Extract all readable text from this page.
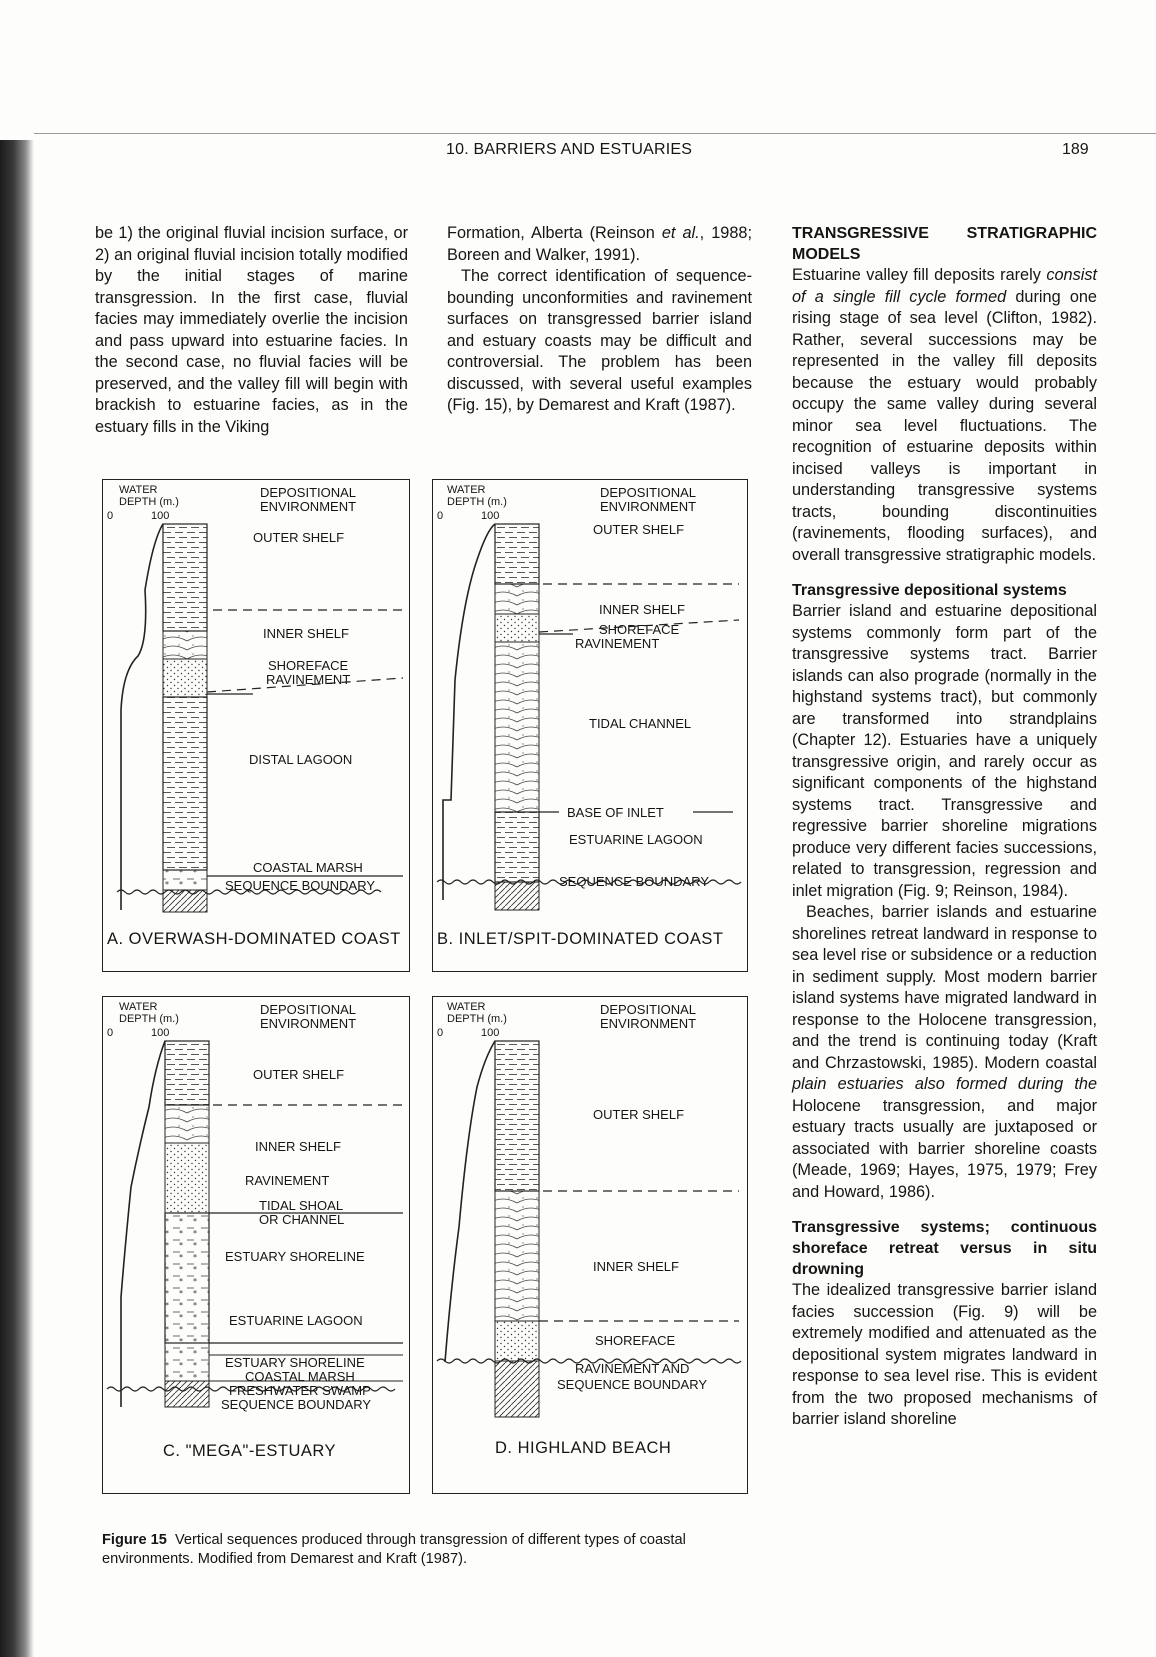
10. BARRIERS AND ESTUARIES	189

be 1) the original fluvial incision surface, or 2) an original fluvial incision totally modified by the initial stages of marine transgression. In the first case, fluvial facies may immediately overlie the incision and pass upward into estuarine facies. In the second case, no fluvial facies will be preserved, and the valley fill will begin with brackish to estuarine facies, as in the estuary fills in the Viking

Formation, Alberta (Reinson et al., 1988; Boreen and Walker, 1991).

The correct identification of sequence-bounding unconformities and ravinement surfaces on transgressed barrier island and estuary coasts may be difficult and controversial. The problem has been discussed, with several useful examples (Fig. 15), by Demarest and Kraft (1987).

TRANSGRESSIVE STRATIGRAPHIC MODELS

Estuarine valley fill deposits rarely consist of a single fill cycle formed during one rising stage of sea level (Clifton, 1982). Rather, several successions may be represented in the valley fill deposits because the estuary would probably occupy the same valley during several minor sea level fluctuations. The recognition of estuarine deposits within incised valleys is important in understanding transgressive systems tracts, bounding discontinuities (ravinements, flooding surfaces), and overall transgressive stratigraphic models.

Transgressive depositional systems

Barrier island and estuarine depositional systems commonly form part of the transgressive systems tract. Barrier islands can also prograde (normally in the highstand systems tract), but commonly are transformed into strandplains (Chapter 12). Estuaries have a uniquely transgressive origin, and rarely occur as significant components of the highstand systems tract. Transgressive and regressive barrier shoreline migrations produce very different facies successions, related to transgression, regression and inlet migration (Fig. 9; Reinson, 1984).

Beaches, barrier islands and estuarine shorelines retreat landward in response to sea level rise or subsidence or a reduction in sediment supply. Most modern barrier island systems have migrated landward in response to the Holocene transgression, and the trend is continuing today (Kraft and Chrzastowski, 1985). Modern coastal plain estuaries also formed during the Holocene transgression, and major estuary tracts usually are juxtaposed or associated with barrier shoreline coasts (Meade, 1969; Hayes, 1975, 1979; Frey and Howard, 1986).

Transgressive systems; continuous shoreface retreat versus in situ drowning

The idealized transgressive barrier island facies succession (Fig. 9) will be extremely modified and attenuated as the depositional system migrates landward in response to sea level rise. This is evident from the two proposed mechanisms of barrier island shoreline

WATER DEPTH (m.)
0	100
DEPOSITIONAL ENVIRONMENT
OUTER SHELF
INNER SHELF
SHOREFACE
RAVINEMENT
DISTAL LAGOON
COASTAL MARSH
SEQUENCE BOUNDARY
A. OVERWASH-DOMINATED COAST
WATER DEPTH (m.)
0	100
DEPOSITIONAL ENVIRONMENT
OUTER SHELF
INNER SHELF
SHOREFACE
RAVINEMENT
TIDAL CHANNEL
BASE OF INLET
ESTUARINE LAGOON
SEQUENCE BOUNDARY
B. INLET/SPIT-DOMINATED COAST
WATER DEPTH (m.)
0	100
DEPOSITIONAL ENVIRONMENT
OUTER SHELF
INNER SHELF
RAVINEMENT
TIDAL SHOAL
OR CHANNEL
ESTUARY SHORELINE
ESTUARINE LAGOON
ESTUARY SHORELINE
COASTAL MARSH
FRESHWATER SWAMP
SEQUENCE BOUNDARY
C. "MEGA"-ESTUARY
WATER DEPTH (m.)
0	100
DEPOSITIONAL ENVIRONMENT
OUTER SHELF
INNER SHELF
SHOREFACE
RAVINEMENT AND
SEQUENCE BOUNDARY
D. HIGHLAND BEACH
Figure 15 Vertical sequences produced through transgression of different types of coastal environments. Modified from Demarest and Kraft (1987).
